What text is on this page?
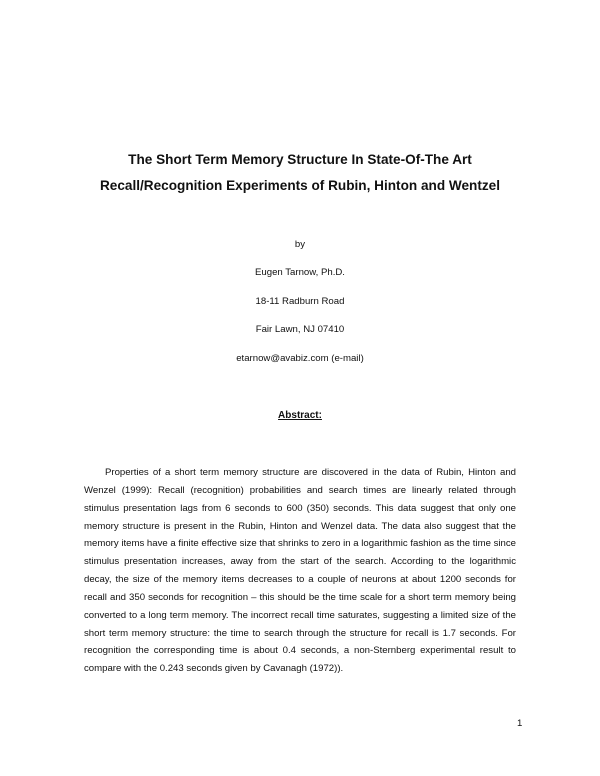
The Short Term Memory Structure In State-Of-The Art
Recall/Recognition Experiments of Rubin, Hinton and Wentzel
by
Eugen Tarnow, Ph.D.
18-11 Radburn Road
Fair Lawn, NJ 07410
etarnow@avabiz.com (e-mail)
Abstract:

Properties of a short term memory structure are discovered in the data of Rubin, Hinton and Wenzel (1999): Recall (recognition) probabilities and search times are linearly related through stimulus presentation lags from 6 seconds to 600 (350) seconds. This data suggest that only one memory structure is present in the Rubin, Hinton and Wenzel data. The data also suggest that the memory items have a finite effective size that shrinks to zero in a logarithmic fashion as the time since stimulus presentation increases, away from the start of the search. According to the logarithmic decay, the size of the memory items decreases to a couple of neurons at about 1200 seconds for recall and 350 seconds for recognition – this should be the time scale for a short term memory being converted to a long term memory. The incorrect recall time saturates, suggesting a limited size of the short term memory structure: the time to search through the structure for recall is 1.7 seconds. For recognition the corresponding time is about 0.4 seconds, a non-Sternberg experimental result to compare with the 0.243 seconds given by Cavanagh (1972)).

1
